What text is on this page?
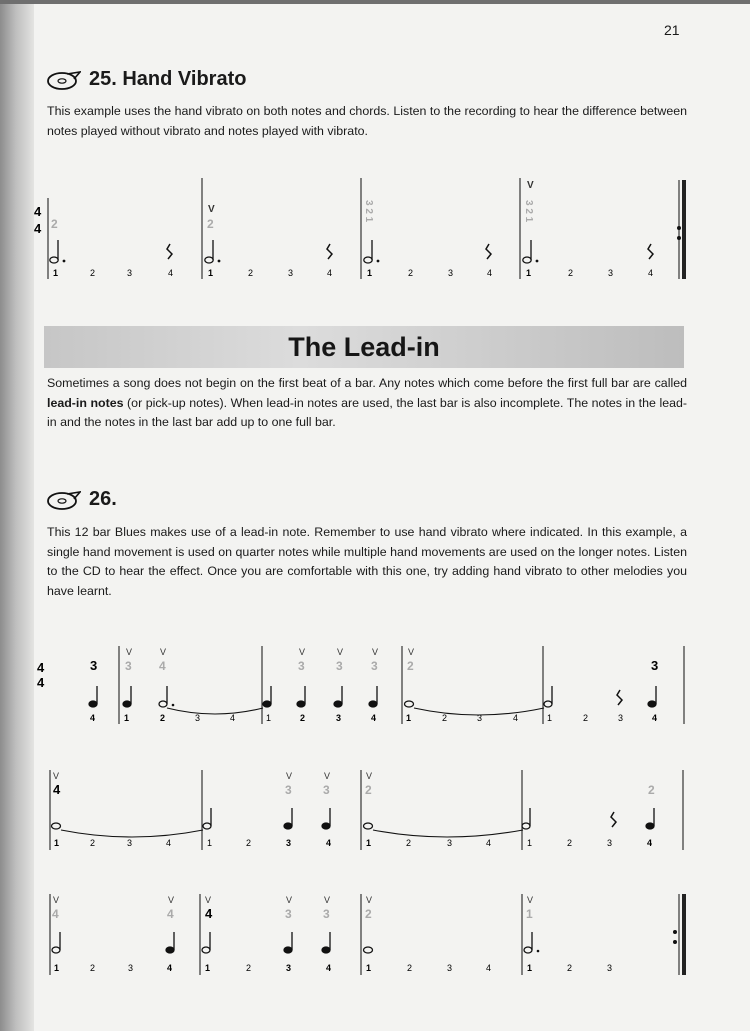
21
25. Hand Vibrato

This example uses the hand vibrato on both notes and chords. Listen to the recording to hear the difference between notes played without vibrato and notes played with vibrato.

4
4 2	2
V	3 2 1	3 2 1
V
1	2	3	4	1	2	3	4	1	2	3	4	1	2	3	4
The Lead-in

Sometimes a song does not begin on the first beat of a bar. Any notes which come before the first full bar are called lead-in notes (or pick-up notes). When lead-in notes are used, the last bar is also incomplete. The notes in the lead-in and the notes in the last bar add up to one full bar.

26.

This 12 bar Blues makes use of a lead-in note. Remember to use hand vibrato where indicated. In this example, a single hand movement is used on quarter notes while multiple hand movements are used on the longer notes. Listen to the CD to hear the effect. Once you are comfortable with this one, try adding hand vibrato to other melodies you have learnt.

4
4
3	3
3 4	3	3 3 2
V	V	V	V	V	V
4	1	2	3	4	1	2	3	4	1	2	3	4	1	2	3	4
4	3	3	2	2
V	V	V	V
1	2	3	4	1	2	3	4	1	2	3	4	1	2	3	4
4	4	3	3	2	1
4
V	V	V	V	V	V	V
1	2	3	4	1	2	3	4	1	2	3	4	1	2	3
